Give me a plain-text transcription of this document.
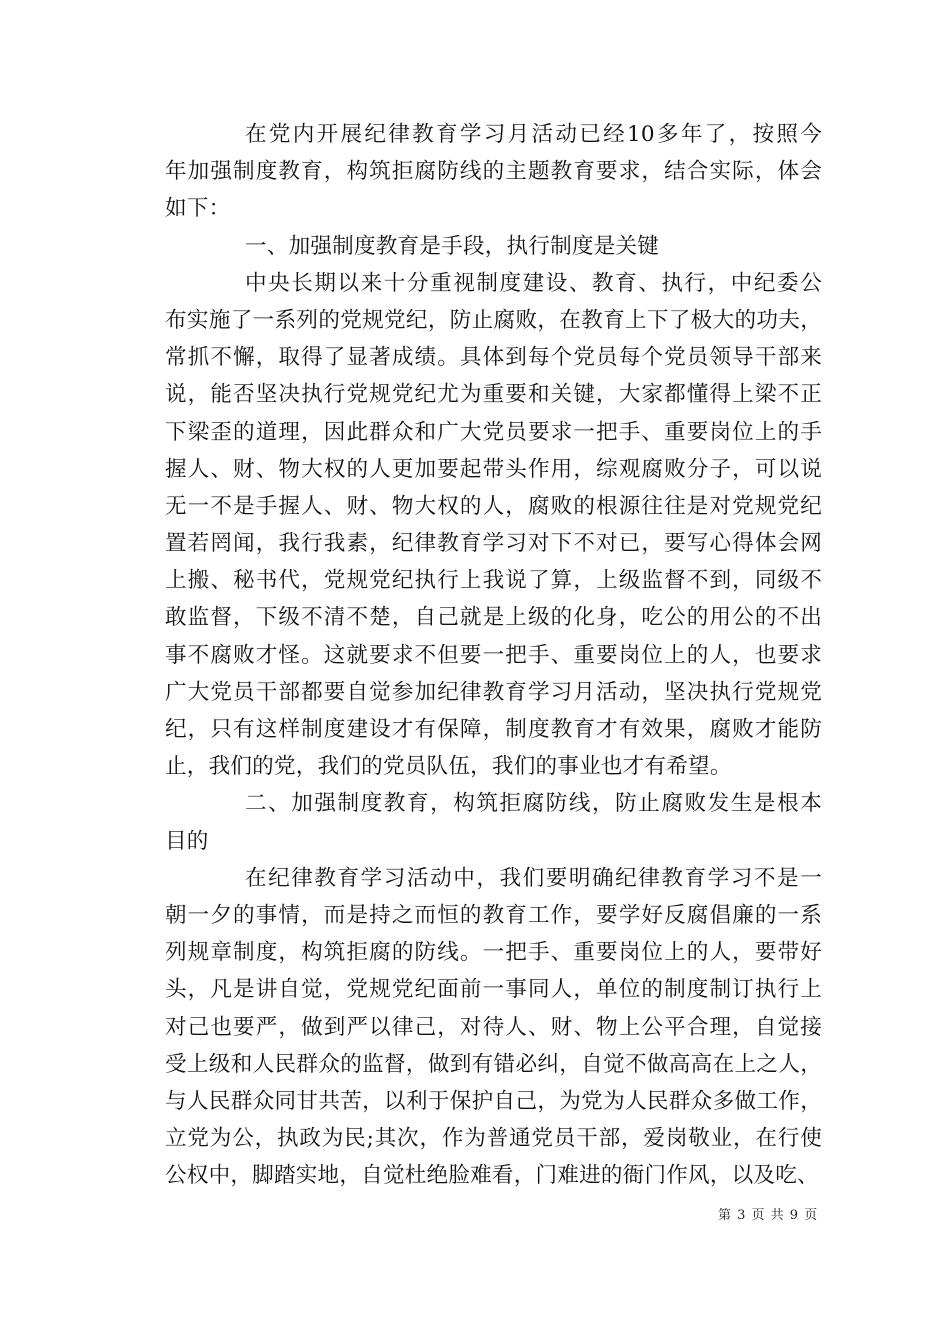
在党内开展纪律教育学习月活动已经10多年了，按照今
年加强制度教育，构筑拒腐防线的主题教育要求，结合实际，体会
如下：
一、加强制度教育是手段，执行制度是关键
中央长期以来十分重视制度建设、教育、执行，中纪委公
布实施了一系列的党规党纪，防止腐败，在教育上下了极大的功夫，
常抓不懈，取得了显著成绩。具体到每个党员每个党员领导干部来
说，能否坚决执行党规党纪尤为重要和关键，大家都懂得上梁不正
下梁歪的道理，因此群众和广大党员要求一把手、重要岗位上的手
握人、财、物大权的人更加要起带头作用，综观腐败分子，可以说
无一不是手握人、财、物大权的人，腐败的根源往往是对党规党纪
置若罔闻，我行我素，纪律教育学习对下不对已，要写心得体会网
上搬、秘书代，党规党纪执行上我说了算，上级监督不到，同级不
敢监督，下级不清不楚，自己就是上级的化身，吃公的用公的不出
事不腐败才怪。这就要求不但要一把手、重要岗位上的人，也要求
广大党员干部都要自觉参加纪律教育学习月活动，坚决执行党规党
纪，只有这样制度建设才有保障，制度教育才有效果，腐败才能防
止，我们的党，我们的党员队伍，我们的事业也才有希望。
二、加强制度教育，构筑拒腐防线，防止腐败发生是根本
目的
在纪律教育学习活动中，我们要明确纪律教育学习不是一
朝一夕的事情，而是持之而恒的教育工作，要学好反腐倡廉的一系
列规章制度，构筑拒腐的防线。一把手、重要岗位上的人，要带好
头，凡是讲自觉，党规党纪面前一事同人，单位的制度制订执行上
对己也要严，做到严以律己，对待人、财、物上公平合理，自觉接
受上级和人民群众的监督，做到有错必纠，自觉不做高高在上之人，
与人民群众同甘共苦，以利于保护自己，为党为人民群众多做工作，
立党为公，执政为民;其次，作为普通党员干部，爱岗敬业，在行使
公权中，脚踏实地，自觉杜绝脸难看，门难进的衙门作风，以及吃、
第 3 页 共 9 页
